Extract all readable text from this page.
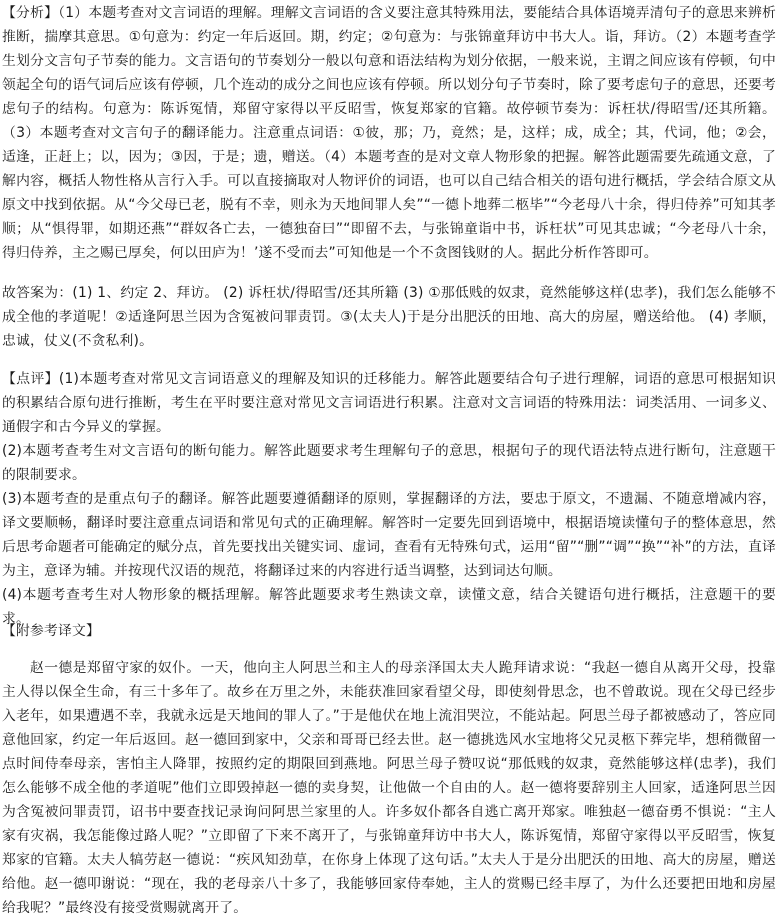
【分析】（1）本题考查对文言词语的理解。理解文言词语的含义要注意其特殊用法，要能结合具体语境弄清句子的意思来辨析推断，揣摩其意思。①句意为：约定一年后返回。期，约定；②句意为：与张锦童拜访中书大人。诣，拜访。（2）本题考查学生划分文言句子节奏的能力。文言语句的节奏划分一般以句意和语法结构为划分依据，一般来说，主谓之间应该有停顿，句中领起全句的语气词后应该有停顿，几个连动的成分之间也应该有停顿。所以划分句子节奏时，除了要考虑句子的意思，还要考虑句子的结构。句意为：陈诉冤情，郑留守家得以平反昭雪，恢复郑家的官籍。故停顿节奏为：诉枉状/得昭雪/还其所籍。（3）本题考查对文言句子的翻译能力。注意重点词语：①彼，那；乃，竟然；是，这样；成，成全；其，代词，他；②会，适逢，正赶上；以，因为；③因，于是；遗，赠送。（4）本题考查的是对文章人物形象的把握。解答此题需要先疏通文意，了解内容，概括人物性格从言行入手。可以直接摘取对人物评价的词语，也可以自己结合相关的语句进行概括，学会结合原文从原文中找到依据。从“今父母已老，脱有不幸，则永为天地间罪人矣”“一德卜地葬二柩毕”“今老母八十余，得归侍养”可知其孝顺；从“惧得罪，如期还燕”“群奴各亡去，一德独奋曰”“即留不去，与张锦童诣中书，诉枉状”可见其忠诚；“今老母八十余，得归侍养，主之赐已厚矣，何以田庐为！’遂不受而去”可知他是一个不贪图钱财的人。据此分析作答即可。

故答案为：(1) 1、约定 2、拜访。 (2) 诉枉状/得昭雪/还其所籍 (3) ①那低贱的奴隶，竟然能够这样(忠孝)，我们怎么能够不成全他的孝道呢！②适逢阿思兰因为含冤被问罪责罚。③(太夫人)于是分出肥沃的田地、高大的房屋，赠送给他。 (4) 孝顺，忠诚，仗义(不贪私利)。

【点评】(1)本题考查对常见文言词语意义的理解及知识的迁移能力。解答此题要结合句子进行理解，词语的意思可根据知识的积累结合原句进行推断，考生在平时要注意对常见文言词语进行积累。注意对文言词语的特殊用法：词类活用、一词多义、通假字和古今异义的掌握。

(2)本题考查考生对文言语句的断句能力。解答此题要求考生理解句子的意思，根据句子的现代语法特点进行断句，注意题干的限制要求。

(3)本题考查的是重点句子的翻译。解答此题要遵循翻译的原则，掌握翻译的方法，要忠于原文，不遗漏、不随意增减内容，译文要顺畅，翻译时要注意重点词语和常见句式的正确理解。解答时一定要先回到语境中，根据语境读懂句子的整体意思，然后思考命题者可能确定的赋分点，首先要找出关键实词、虚词，查看有无特殊句式，运用“留”“删”“调”“换”“补”的方法，直译为主，意译为辅。并按现代汉语的规范，将翻译过来的内容进行适当调整，达到词达句顺。

(4)本题考查考生对人物形象的概括理解。解答此题要求考生熟读文章，读懂文意，结合关键语句进行概括，注意题干的要求。

【附参考译文】

赵一德是郑留守家的奴仆。一天，他向主人阿思兰和主人的母亲泽国太夫人跪拜请求说：“我赵一德自从离开父母，投靠主人得以保全生命，有三十多年了。故乡在万里之外，未能获准回家看望父母，即使刻骨思念，也不曾敢说。现在父母已经步入老年，如果遭遇不幸，我就永远是天地间的罪人了。”于是他伏在地上流泪哭泣，不能站起。阿思兰母子都被感动了，答应同意他回家，约定一年后返回。赵一德回到家中，父亲和哥哥已经去世。赵一德挑选风水宝地将父兄灵柩下葬完毕，想稍微留一点时间侍奉母亲，害怕主人降罪，按照约定的期限回到燕地。阿思兰母子赞叹说“那低贱的奴隶，竟然能够这样(忠孝)，我们怎么能够不成全他的孝道呢”他们立即毁掉赵一德的卖身契，让他做一个自由的人。赵一德将要辞别主人回家，适逢阿思兰因为含冤被问罪责罚，诏书中要查找记录询问阿思兰家里的人。许多奴仆都各自逃亡离开郑家。唯独赵一德奋勇不惧说：“主人家有灾祸，我怎能像过路人呢？”立即留了下来不离开了，与张锦童拜访中书大人，陈诉冤情，郑留守家得以平反昭雪，恢复郑家的官籍。太夫人犒劳赵一德说：“疾风知劲草，在你身上体现了这句话。”太夫人于是分出肥沃的田地、高大的房屋，赠送给他。赵一德叩谢说：“现在，我的老母亲八十多了，我能够回家侍奉她，主人的赏赐已经丰厚了，为什么还要把田地和房屋给我呢？”最终没有接受赏赐就离开了。
